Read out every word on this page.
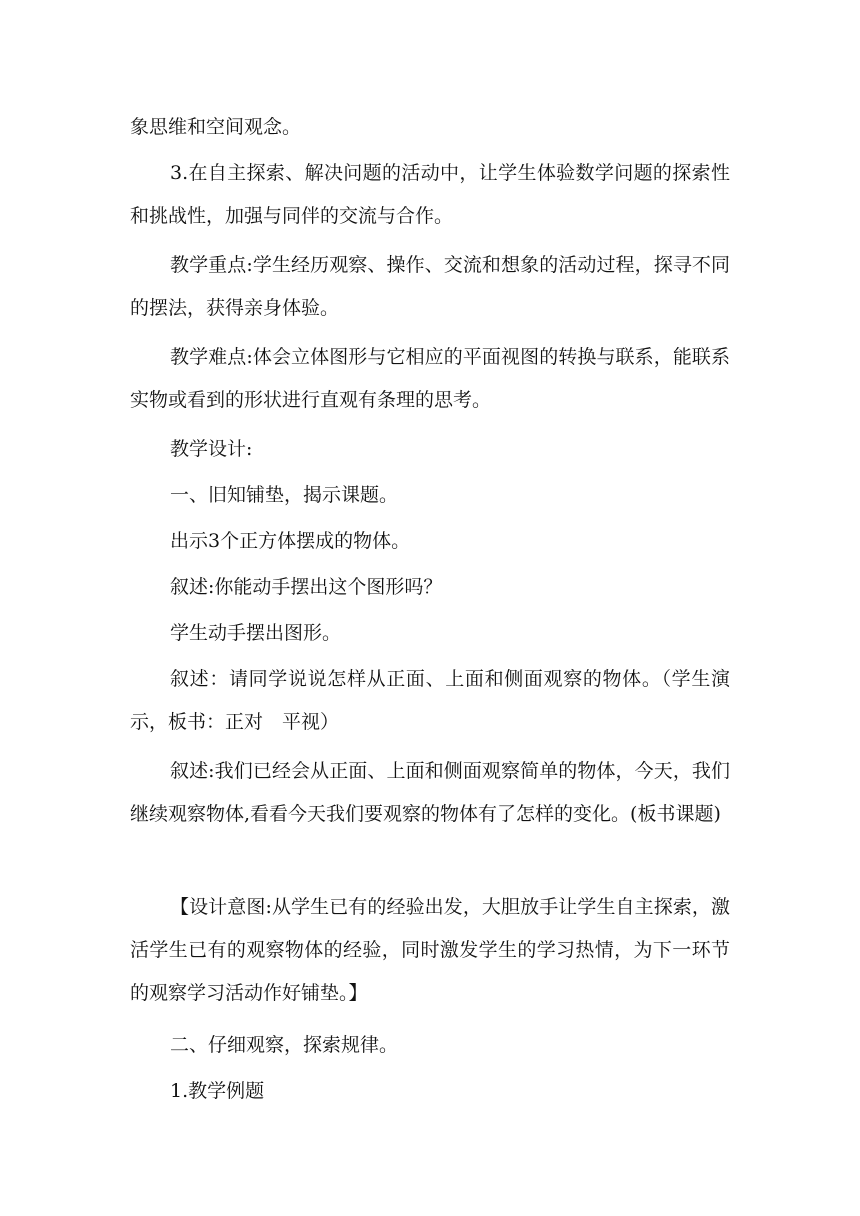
象思维和空间观念。

3.在自主探索、解决问题的活动中，让学生体验数学问题的探索性和挑战性，加强与同伴的交流与合作。

教学重点:学生经历观察、操作、交流和想象的活动过程，探寻不同的摆法，获得亲身体验。

教学难点:体会立体图形与它相应的平面视图的转换与联系，能联系实物或看到的形状进行直观有条理的思考。

教学设计:

一、旧知铺垫，揭示课题。

出示3个正方体摆成的物体。

叙述:你能动手摆出这个图形吗？

学生动手摆出图形。

叙述：请同学说说怎样从正面、上面和侧面观察的物体。（学生演示，板书：正对　平视）

叙述:我们已经会从正面、上面和侧面观察简单的物体，今天，我们继续观察物体,看看今天我们要观察的物体有了怎样的变化。(板书课题)

【设计意图:从学生已有的经验出发，大胆放手让学生自主探索，激活学生已有的观察物体的经验，同时激发学生的学习热情，为下一环节的观察学习活动作好铺垫。】

二、仔细观察，探索规律。

1.教学例题
